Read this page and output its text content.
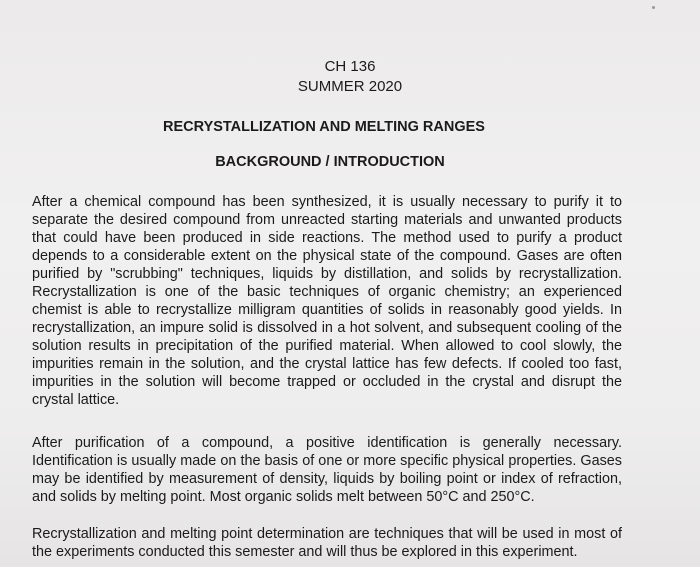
CH 136
SUMMER 2020
RECRYSTALLIZATION AND MELTING RANGES
BACKGROUND / INTRODUCTION
After a chemical compound has been synthesized, it is usually necessary to purify it to separate the desired compound from unreacted starting materials and unwanted products that could have been produced in side reactions. The method used to purify a product depends to a considerable extent on the physical state of the compound. Gases are often purified by "scrubbing" techniques, liquids by distillation, and solids by recrystallization. Recrystallization is one of the basic techniques of organic chemistry; an experienced chemist is able to recrystallize milligram quantities of solids in reasonably good yields. In recrystallization, an impure solid is dissolved in a hot solvent, and subsequent cooling of the solution results in precipitation of the purified material. When allowed to cool slowly, the impurities remain in the solution, and the crystal lattice has few defects. If cooled too fast, impurities in the solution will become trapped or occluded in the crystal and disrupt the crystal lattice.
After purification of a compound, a positive identification is generally necessary. Identification is usually made on the basis of one or more specific physical properties. Gases may be identified by measurement of density, liquids by boiling point or index of refraction, and solids by melting point. Most organic solids melt between 50°C and 250°C.
Recrystallization and melting point determination are techniques that will be used in most of the experiments conducted this semester and will thus be explored in this experiment.
